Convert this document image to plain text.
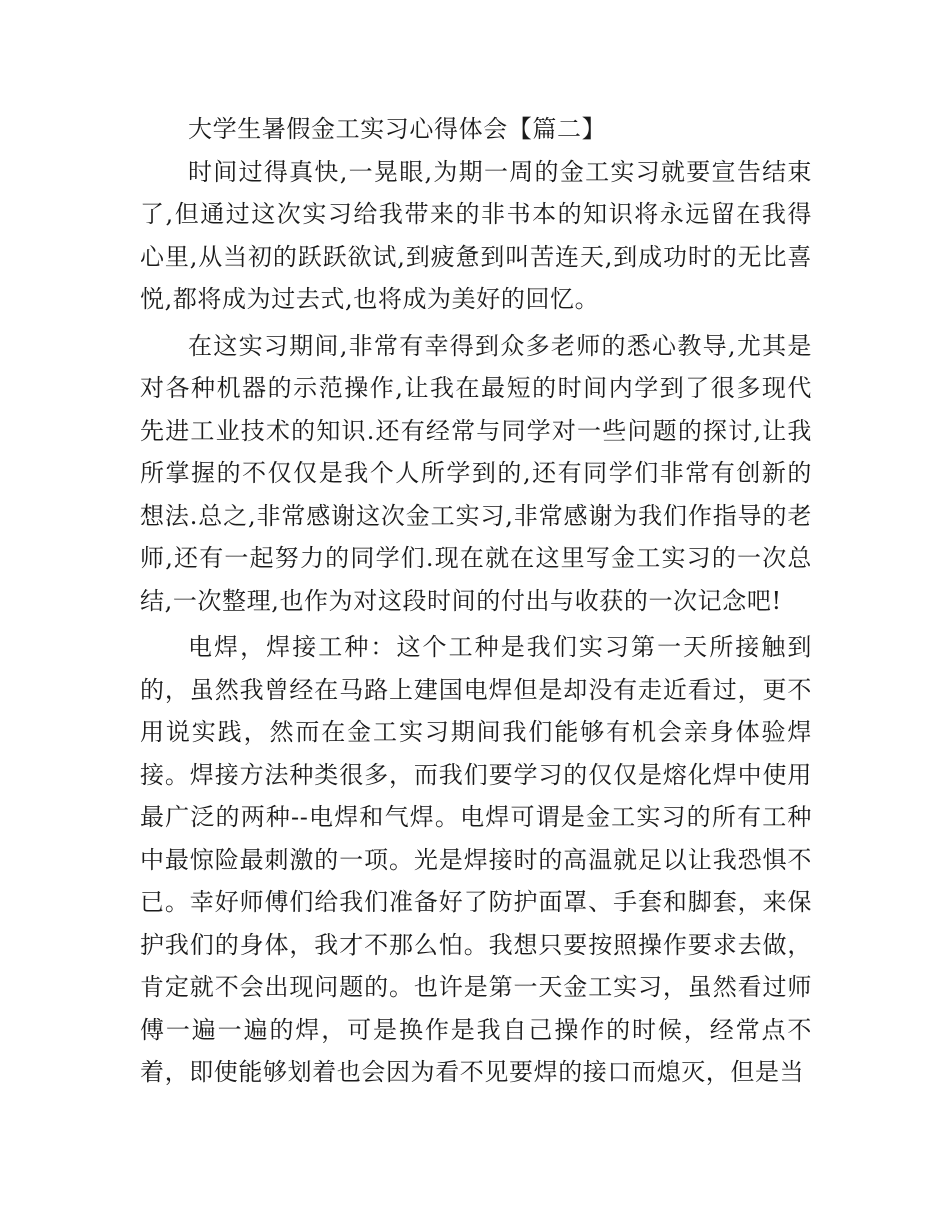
大学生暑假金工实习心得体会【篇二】

时间过得真快,一晃眼,为期一周的金工实习就要宣告结束了,但通过这次实习给我带来的非书本的知识将永远留在我得心里,从当初的跃跃欲试,到疲惫到叫苦连天,到成功时的无比喜悦,都将成为过去式,也将成为美好的回忆。

在这实习期间,非常有幸得到众多老师的悉心教导,尤其是对各种机器的示范操作,让我在最短的时间内学到了很多现代先进工业技术的知识.还有经常与同学对一些问题的探讨,让我所掌握的不仅仅是我个人所学到的,还有同学们非常有创新的想法.总之,非常感谢这次金工实习,非常感谢为我们作指导的老师,还有一起努力的同学们.现在就在这里写金工实习的一次总结,一次整理,也作为对这段时间的付出与收获的一次记念吧!

电焊，焊接工种：这个工种是我们实习第一天所接触到的，虽然我曾经在马路上建国电焊但是却没有走近看过，更不用说实践，然而在金工实习期间我们能够有机会亲身体验焊接。焊接方法种类很多，而我们要学习的仅仅是熔化焊中使用最广泛的两种--电焊和气焊。电焊可谓是金工实习的所有工种中最惊险最刺激的一项。光是焊接时的高温就足以让我恐惧不已。幸好师傅们给我们准备好了防护面罩、手套和脚套，来保护我们的身体，我才不那么怕。我想只要按照操作要求去做，肯定就不会出现问题的。也许是第一天金工实习，虽然看过师傅一遍一遍的焊，可是换作是我自己操作的时候，经常点不着，即使能够划着也会因为看不见要焊的接口而熄灭，但是当
